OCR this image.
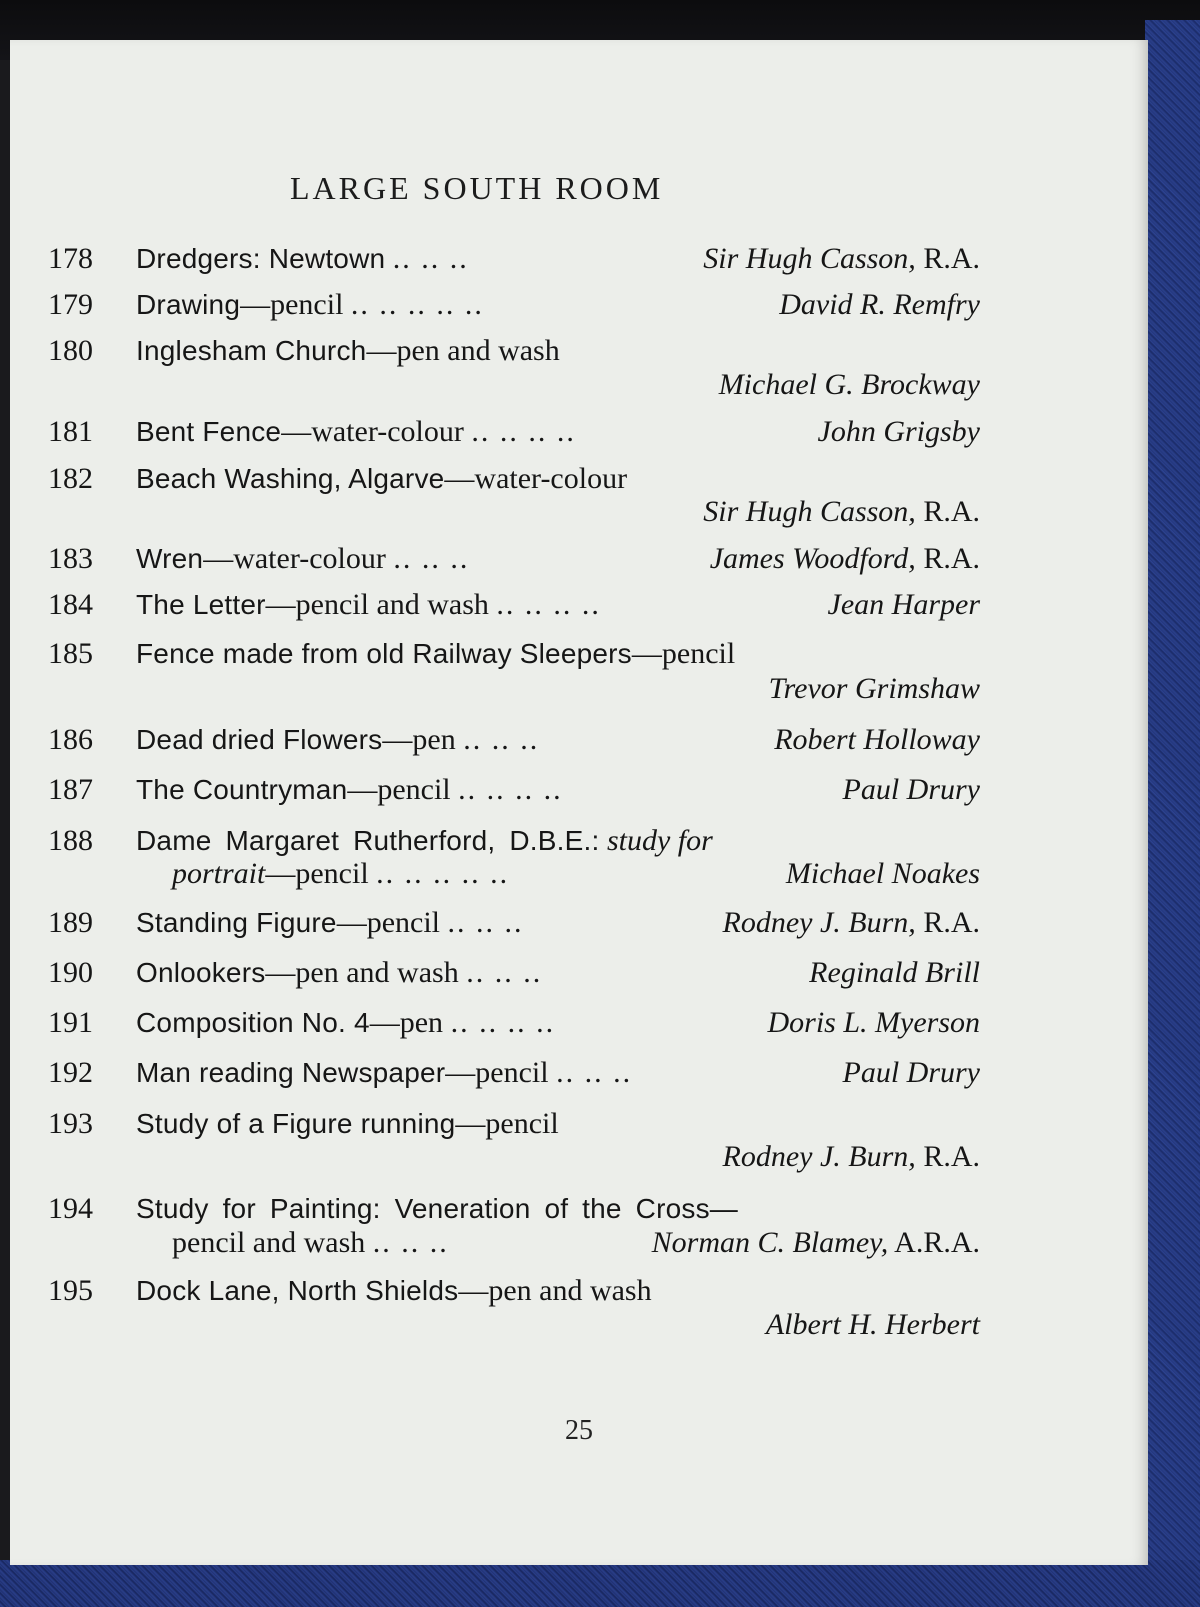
LARGE SOUTH ROOM
178	Dredgers: Newtown .. .. ..	Sir Hugh Casson, R.A.
179	Drawing—pencil .. .. .. .. ..	David R. Remfry
180	Inglesham Church—pen and wash
Michael G. Brockway
181	Bent Fence—water-colour .. .. .. ..	John Grigsby
182	Beach Washing, Algarve—water-colour
Sir Hugh Casson, R.A.
183	Wren—water-colour .. .. ..	James Woodford, R.A.
184	The Letter—pencil and wash .. .. .. ..	Jean Harper
185	Fence made from old Railway Sleepers—pencil
Trevor Grimshaw
186	Dead dried Flowers—pen .. .. ..	Robert Holloway
187	The Countryman—pencil .. .. .. ..	Paul Drury
188	Dame Margaret Rutherford, D.B.E.: study for
portrait—pencil .. .. .. .. ..	Michael Noakes
189	Standing Figure—pencil .. .. ..	Rodney J. Burn, R.A.
190	Onlookers—pen and wash .. .. ..	Reginald Brill
191	Composition No. 4—pen .. .. .. ..	Doris L. Myerson
192	Man reading Newspaper—pencil .. .. ..	Paul Drury
193	Study of a Figure running—pencil
Rodney J. Burn, R.A.
194	Study for Painting: Veneration of the Cross—
pencil and wash .. .. ..	Norman C. Blamey, A.R.A.
195	Dock Lane, North Shields—pen and wash
Albert H. Herbert
25
